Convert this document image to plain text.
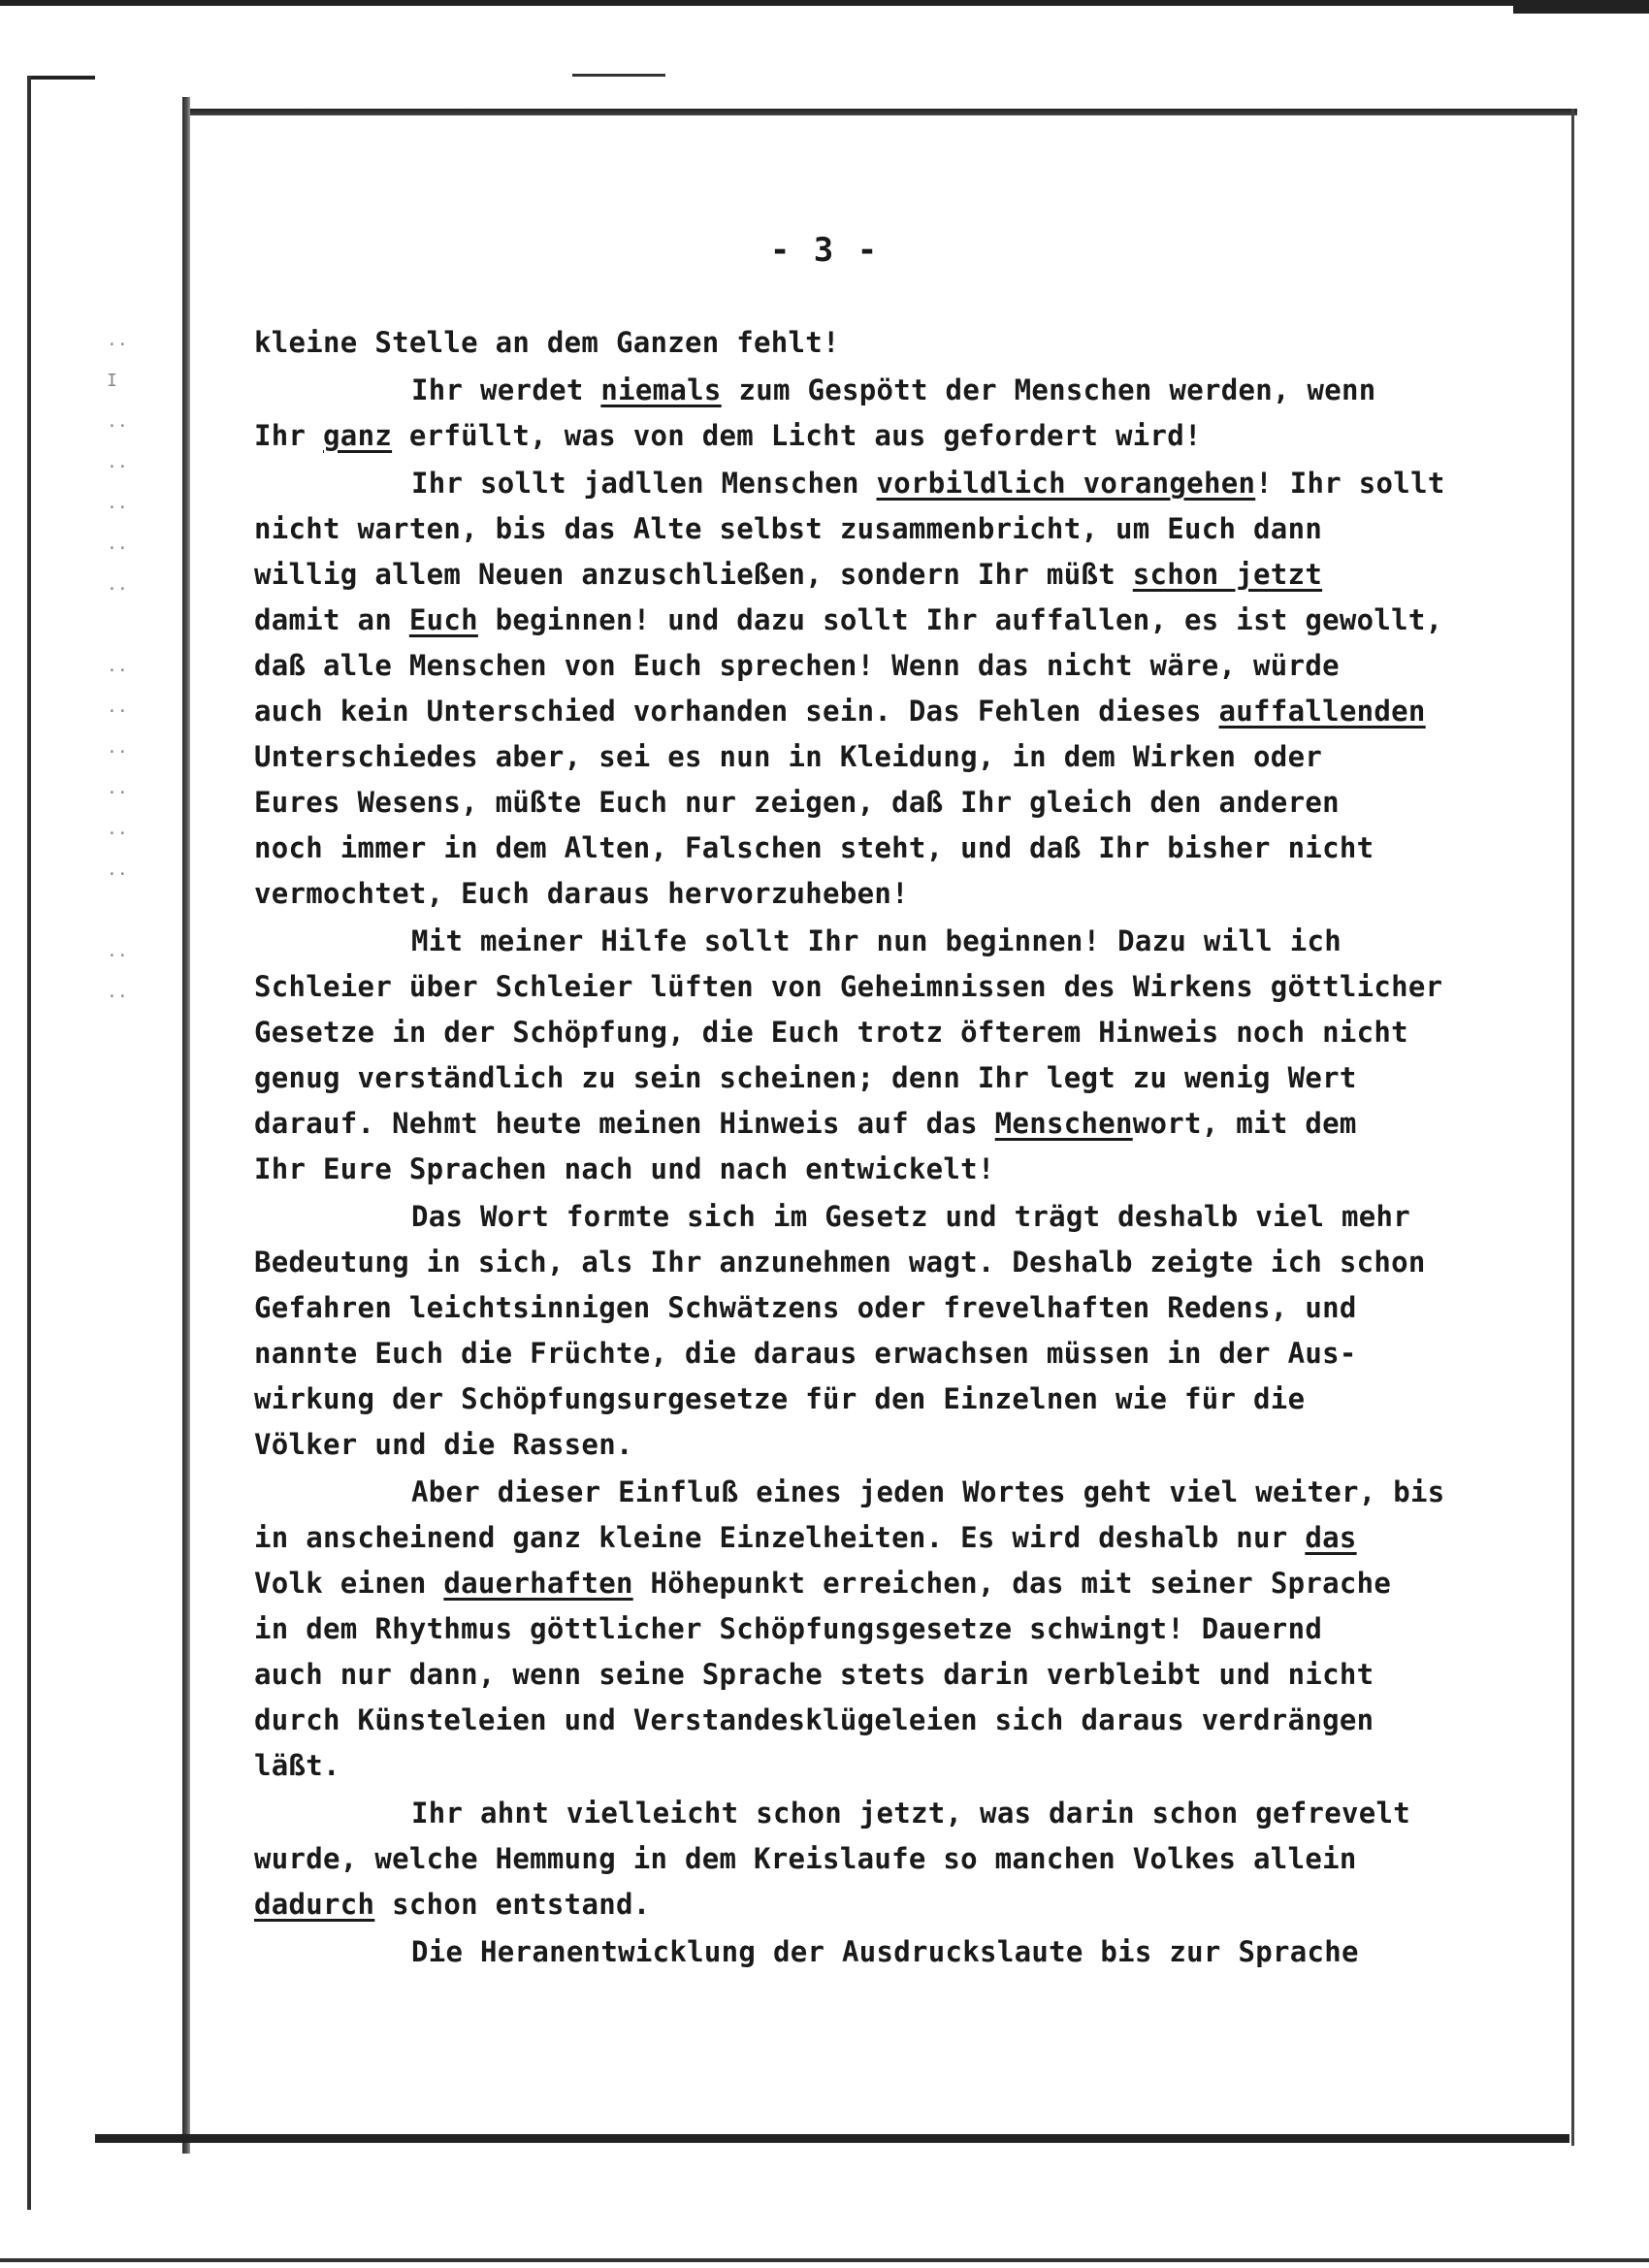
..
I
..
..
..
..
..
..
..
..
..
..
..
..
..
- 3 -
kleine Stelle an dem Ganzen fehlt!
Ihr werdet niemals zum Gespött der Menschen werden, wenn
Ihr ganz erfüllt, was von dem Licht aus gefordert wird!
Ihr sollt jadllen Menschen vorbildlich vorangehen! Ihr sollt
nicht warten, bis das Alte selbst zusammenbricht, um Euch dann
willig allem Neuen anzuschließen, sondern Ihr müßt schon jetzt
damit an Euch beginnen! und dazu sollt Ihr auffallen, es ist gewollt,
daß alle Menschen von Euch sprechen! Wenn das nicht wäre, würde
auch kein Unterschied vorhanden sein. Das Fehlen dieses auffallenden
Unterschiedes aber, sei es nun in Kleidung, in dem Wirken oder
Eures Wesens, müßte Euch nur zeigen, daß Ihr gleich den anderen
noch immer in dem Alten, Falschen steht, und daß Ihr bisher nicht
vermochtet, Euch daraus hervorzuheben!
Mit meiner Hilfe sollt Ihr nun beginnen! Dazu will ich
Schleier über Schleier lüften von Geheimnissen des Wirkens göttlicher
Gesetze in der Schöpfung, die Euch trotz öfterem Hinweis noch nicht
genug verständlich zu sein scheinen; denn Ihr legt zu wenig Wert
darauf. Nehmt heute meinen Hinweis auf das Menschenwort, mit dem
Ihr Eure Sprachen nach und nach entwickelt!
Das Wort formte sich im Gesetz und trägt deshalb viel mehr
Bedeutung in sich, als Ihr anzunehmen wagt. Deshalb zeigte ich schon
Gefahren leichtsinnigen Schwätzens oder frevelhaften Redens, und
nannte Euch die Früchte, die daraus erwachsen müssen in der Aus-
wirkung der Schöpfungsurgesetze für den Einzelnen wie für die
Völker und die Rassen.
Aber dieser Einfluß eines jeden Wortes geht viel weiter, bis
in anscheinend ganz kleine Einzelheiten. Es wird deshalb nur das
Volk einen dauerhaften Höhepunkt erreichen, das mit seiner Sprache
in dem Rhythmus göttlicher Schöpfungsgesetze schwingt! Dauernd
auch nur dann, wenn seine Sprache stets darin verbleibt und nicht
durch Künsteleien und Verstandesklügeleien sich daraus verdrängen
läßt.
Ihr ahnt vielleicht schon jetzt, was darin schon gefrevelt
wurde, welche Hemmung in dem Kreislaufe so manchen Volkes allein
dadurch schon entstand.
Die Heranentwicklung der Ausdruckslaute bis zur Sprache
